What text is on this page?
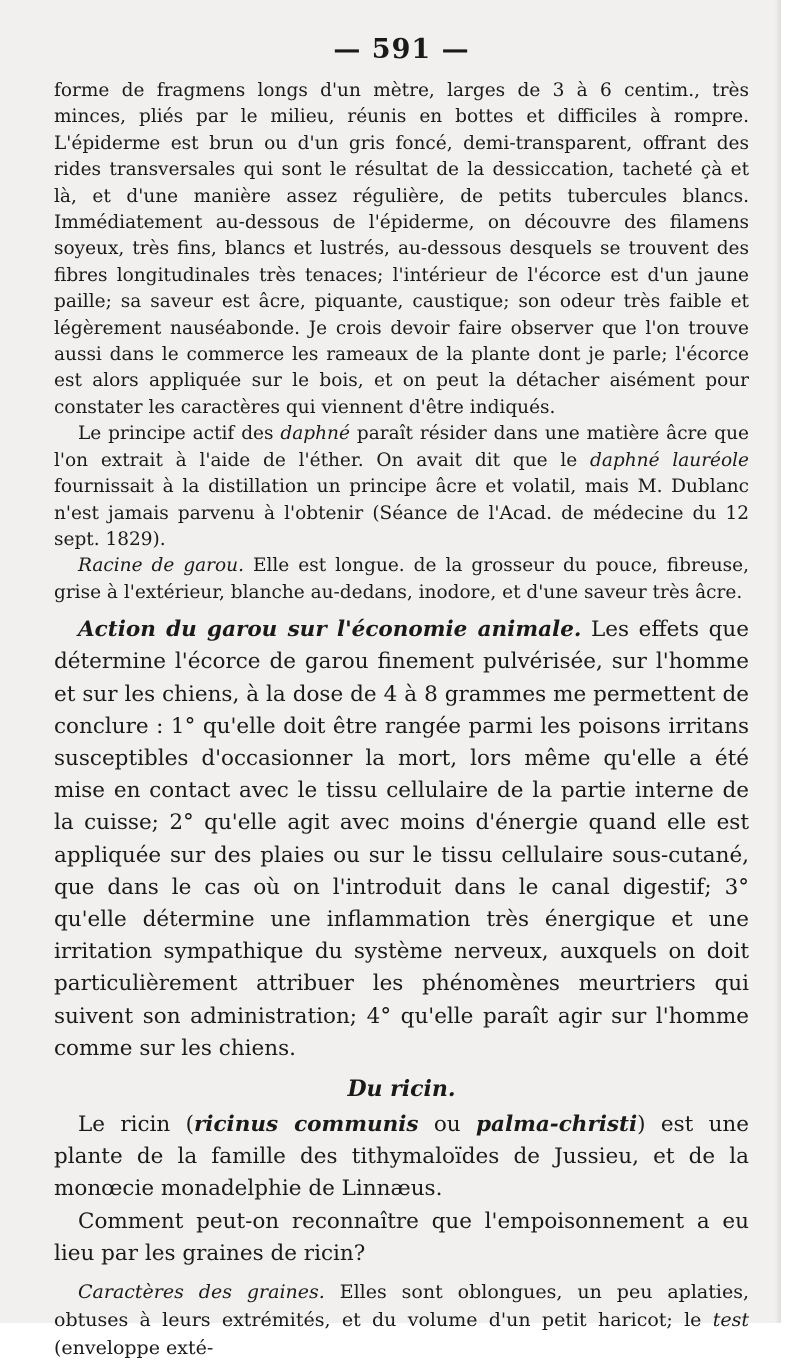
— 591 —

forme de fragmens longs d'un mètre, larges de 3 à 6 centim., très minces, pliés par le milieu, réunis en bottes et difficiles à rompre. L'épiderme est brun ou d'un gris foncé, demi-transparent, offrant des rides transversales qui sont le résultat de la dessiccation, tacheté çà et là, et d'une manière assez régulière, de petits tubercules blancs. Immédiatement au-dessous de l'épiderme, on découvre des filamens soyeux, très fins, blancs et lustrés, au-dessous desquels se trouvent des fibres longitudinales très tenaces; l'intérieur de l'écorce est d'un jaune paille; sa saveur est âcre, piquante, caustique; son odeur très faible et légèrement nauséabonde. Je crois devoir faire observer que l'on trouve aussi dans le commerce les rameaux de la plante dont je parle; l'écorce est alors appliquée sur le bois, et on peut la détacher aisément pour constater les caractères qui viennent d'être indiqués.

Le principe actif des daphné paraît résider dans une matière âcre que l'on extrait à l'aide de l'éther. On avait dit que le daphné lauréole fournissait à la distillation un principe âcre et volatil, mais M. Dublanc n'est jamais parvenu à l'obtenir (Séance de l'Acad. de médecine du 12 sept. 1829).

Racine de garou. Elle est longue. de la grosseur du pouce, fibreuse, grise à l'extérieur, blanche au-dedans, inodore, et d'une saveur très âcre.

Action du garou sur l'économie animale. Les effets que détermine l'écorce de garou finement pulvérisée, sur l'homme et sur les chiens, à la dose de 4 à 8 grammes me permettent de conclure : 1° qu'elle doit être rangée parmi les poisons irritans susceptibles d'occasionner la mort, lors même qu'elle a été mise en contact avec le tissu cellulaire de la partie interne de la cuisse; 2° qu'elle agit avec moins d'énergie quand elle est appliquée sur des plaies ou sur le tissu cellulaire sous-cutané, que dans le cas où on l'introduit dans le canal digestif; 3° qu'elle détermine une inflammation très énergique et une irritation sympathique du système nerveux, auxquels on doit particulièrement attribuer les phénomènes meurtriers qui suivent son administration; 4° qu'elle paraît agir sur l'homme comme sur les chiens.

Du ricin.

Le ricin (ricinus communis ou palma-christi) est une plante de la famille des tithymaloïdes de Jussieu, et de la monœcie monadelphie de Linnæus.

Comment peut-on reconnaître que l'empoisonnement a eu lieu par les graines de ricin?

Caractères des graines. Elles sont oblongues, un peu aplaties, obtuses à leurs extrémités, et du volume d'un petit haricot; le test (enveloppe exté-
